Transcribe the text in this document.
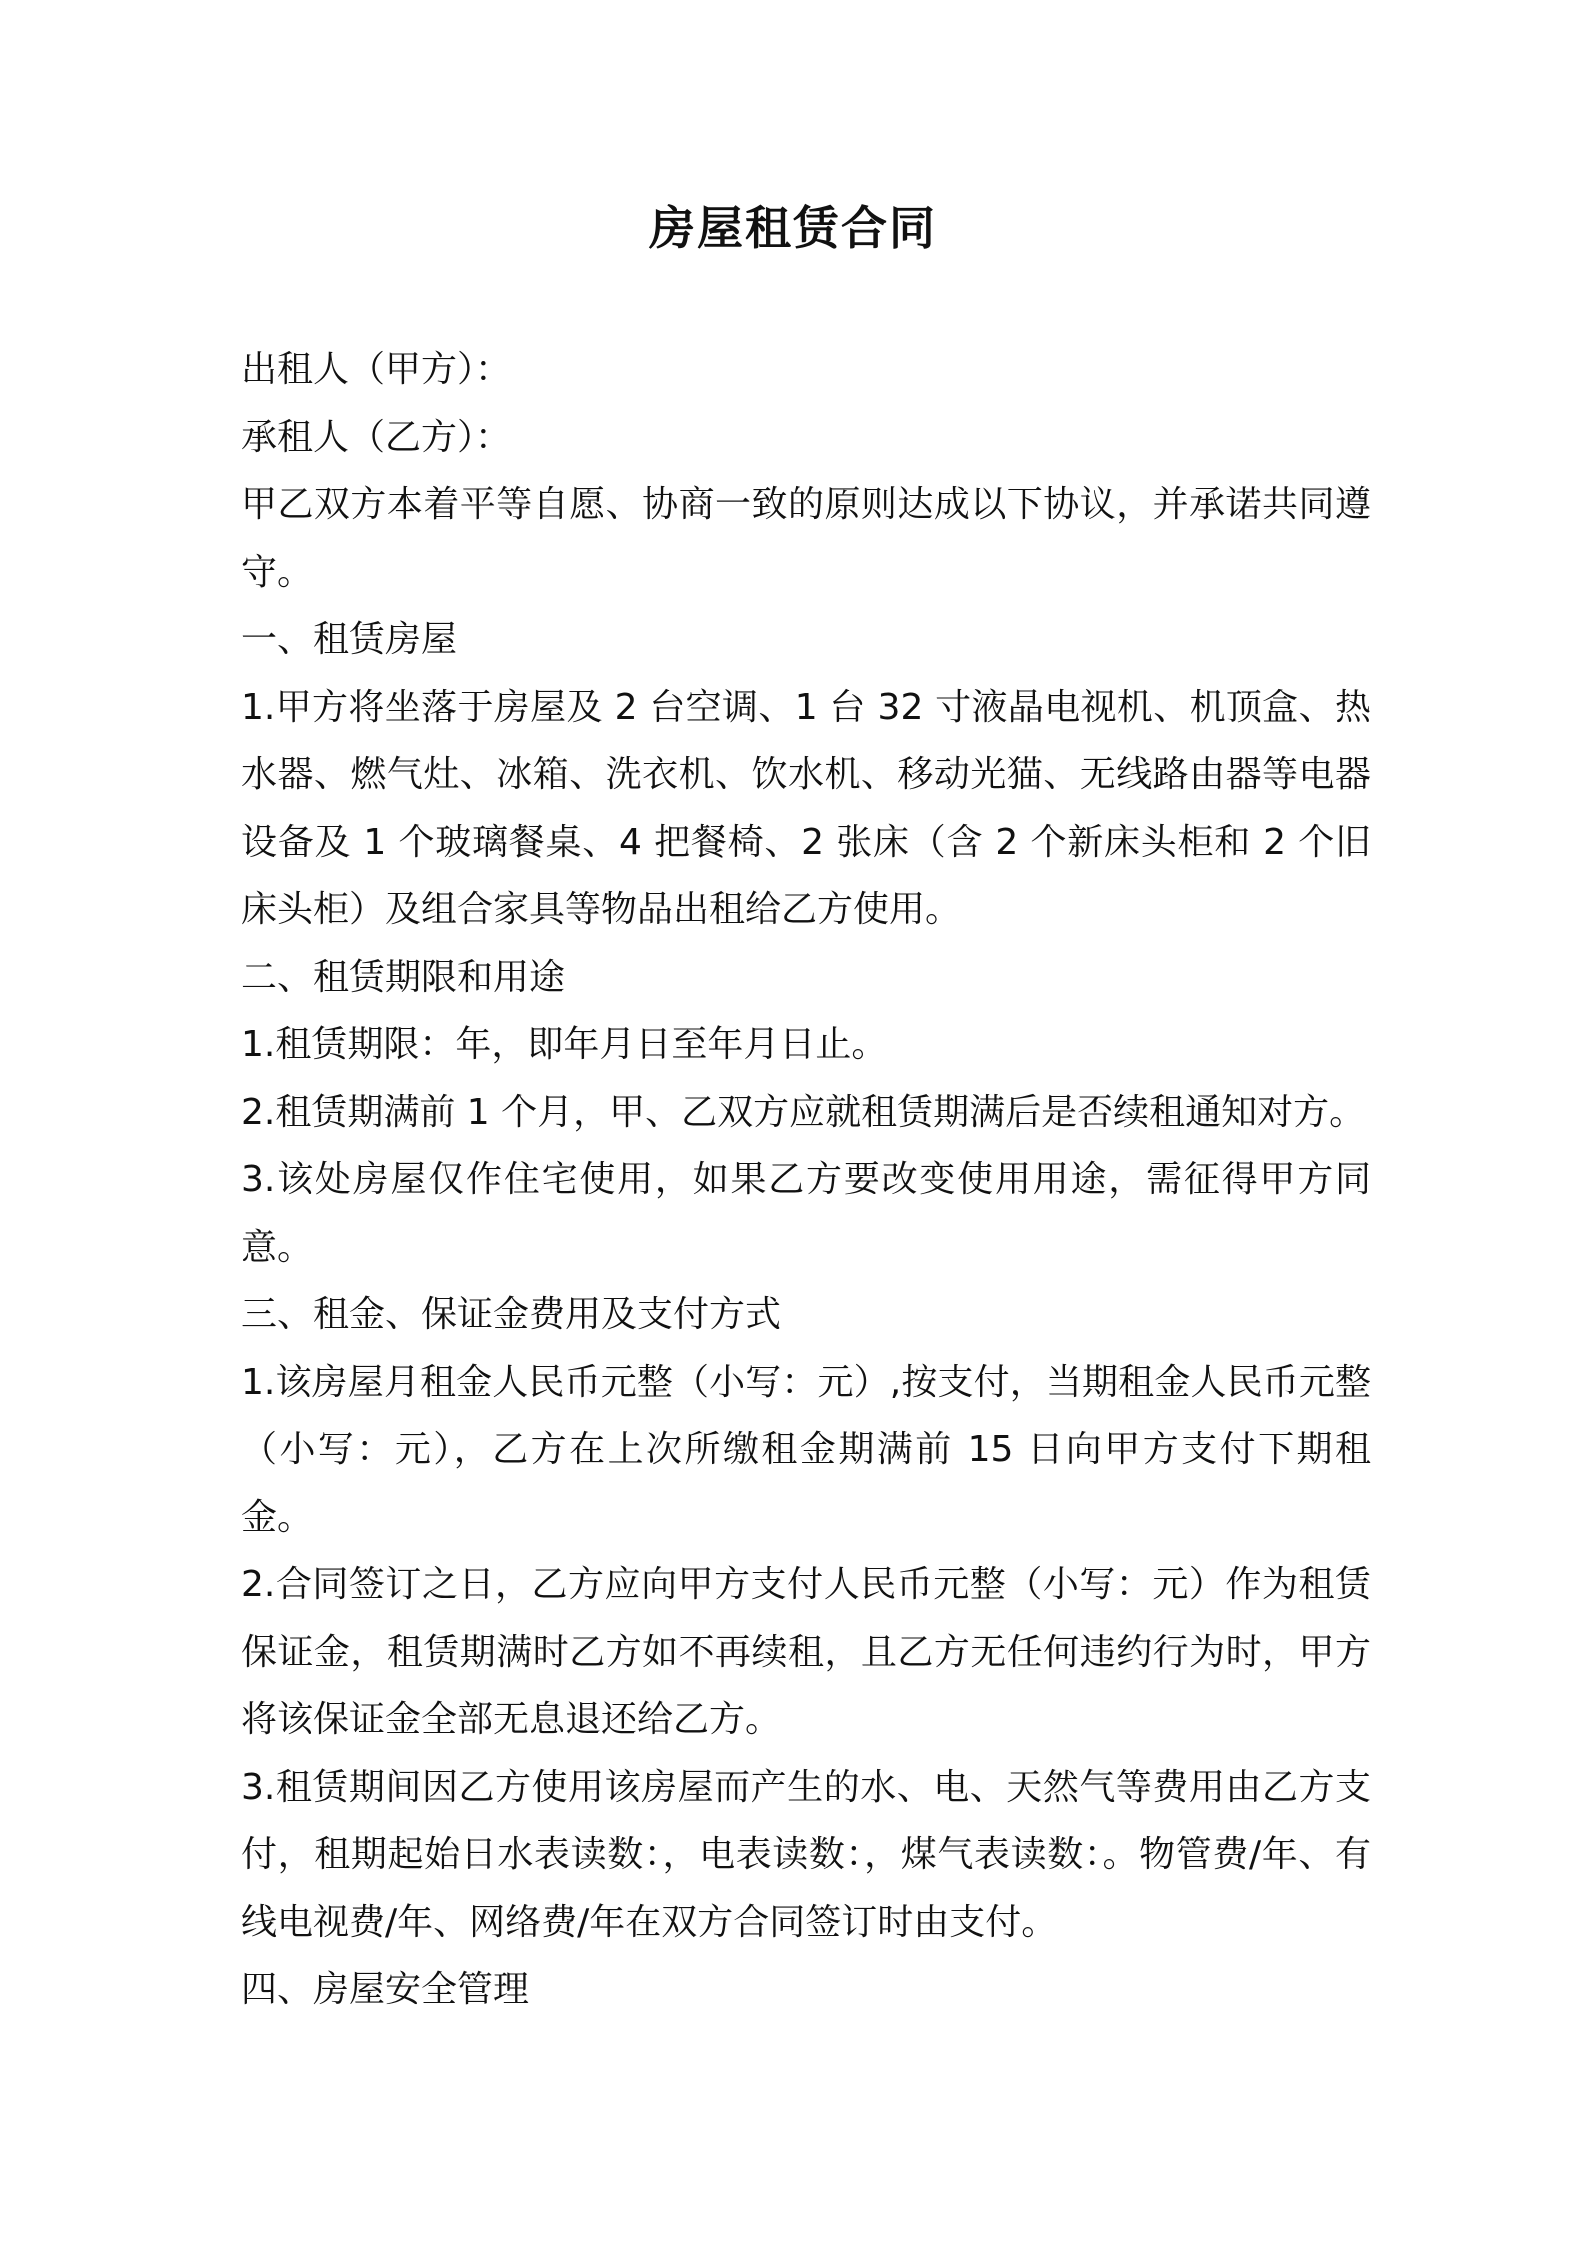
房屋租赁合同

出租人（甲方）：

承租人（乙方）：

甲乙双方本着平等自愿、协商一致的原则达成以下协议，并承诺共同遵守。

一、租赁房屋

1.甲方将坐落于房屋及 2 台空调、1 台 32 寸液晶电视机、机顶盒、热水器、燃气灶、冰箱、洗衣机、饮水机、移动光猫、无线路由器等电器设备及 1 个玻璃餐桌、4 把餐椅、2 张床（含 2 个新床头柜和 2 个旧床头柜）及组合家具等物品出租给乙方使用。

二、租赁期限和用途

1.租赁期限：年，即年月日至年月日止。

2.租赁期满前 1 个月，甲、乙双方应就租赁期满后是否续租通知对方。

3.该处房屋仅作住宅使用，如果乙方要改变使用用途，需征得甲方同意。

三、租金、保证金费用及支付方式

1.该房屋月租金人民币元整（小写：元）,按支付，当期租金人民币元整（小写：元），乙方在上次所缴租金期满前 15 日向甲方支付下期租金。

2.合同签订之日，乙方应向甲方支付人民币元整（小写：元）作为租赁保证金，租赁期满时乙方如不再续租，且乙方无任何违约行为时，甲方将该保证金全部无息退还给乙方。

3.租赁期间因乙方使用该房屋而产生的水、电、天然气等费用由乙方支付，租期起始日水表读数：，电表读数：，煤气表读数：。物管费/年、有线电视费/年、网络费/年在双方合同签订时由支付。

四、房屋安全管理
